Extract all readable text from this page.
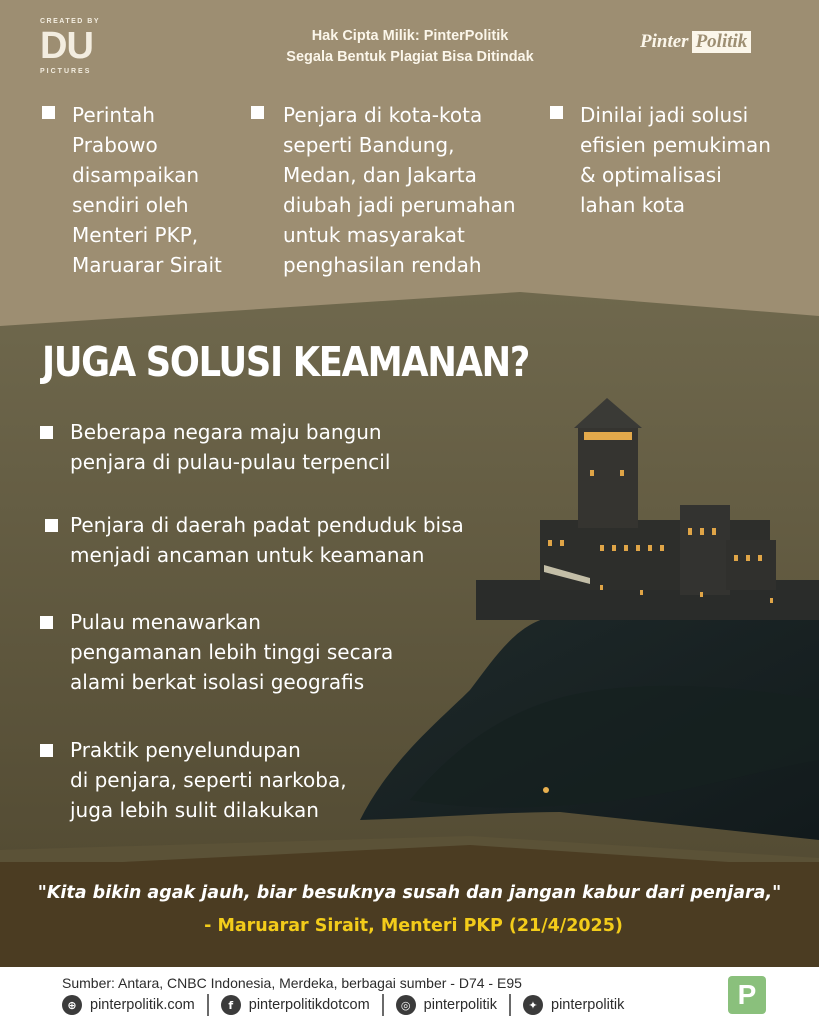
CREATED BY
DU
PICTURES
Hak Cipta Milik: PinterPolitik
Segala Bentuk Plagiat Bisa Ditindak
Pinter Politik
Perintah
Prabowo
disampaikan
sendiri oleh
Menteri PKP,
Maruarar Sirait
Penjara di kota-kota
seperti Bandung,
Medan, dan Jakarta
diubah jadi perumahan
untuk masyarakat
penghasilan rendah
Dinilai jadi solusi
efisien pemukiman
& optimalisasi
lahan kota
JUGA SOLUSI KEAMANAN?
Beberapa negara maju bangun
penjara di pulau-pulau terpencil
Penjara di daerah padat penduduk bisa
menjadi ancaman untuk keamanan
Pulau menawarkan
pengamanan lebih tinggi secara
alami berkat isolasi geografis
Praktik penyelundupan
di penjara, seperti narkoba,
juga lebih sulit dilakukan
"Kita bikin agak jauh, biar besuknya susah dan jangan kabur dari penjara,"
- Maruarar Sirait, Menteri PKP (21/4/2025)
Sumber: Antara, CNBC Indonesia, Merdeka, berbagai sumber - D74 - E95
⊕ pinterpolitik.com	f	pinterpolitikdotcom	◎ pinterpolitik	✦ pinterpolitik	P
